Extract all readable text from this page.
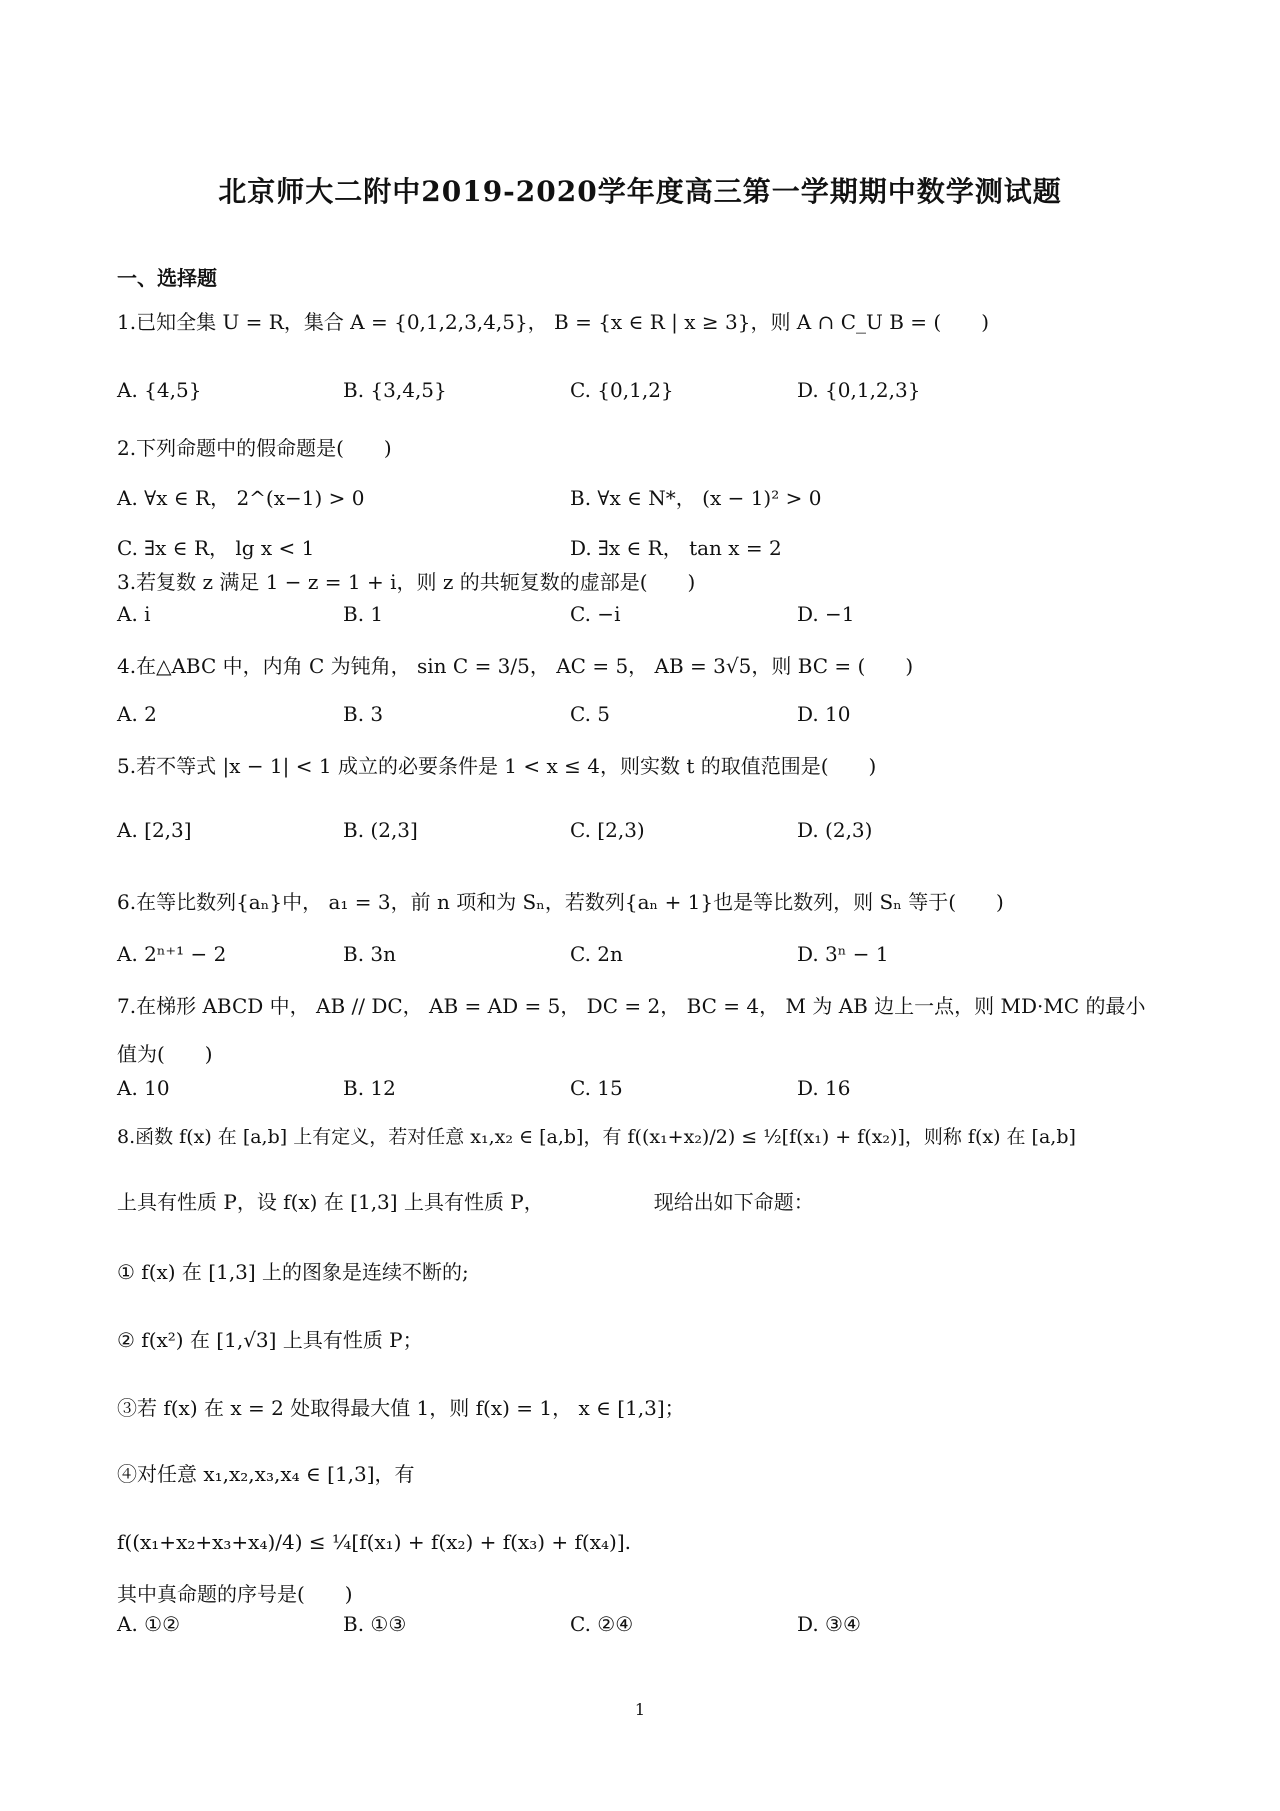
北京师大二附中2019-2020学年度高三第一学期期中数学测试题
一、选择题
1.已知全集 U = R，集合 A = {0,1,2,3,4,5}， B = {x ∈ R | x ≥ 3}，则 A ∩ C_U B = (　　)
A. {4,5}	B. {3,4,5}	C. {0,1,2}	D. {0,1,2,3}
2.下列命题中的假命题是(　　)
A. ∀x ∈ R， 2^(x−1) > 0	B. ∀x ∈ N*， (x − 1)² > 0
C. ∃x ∈ R， lg x < 1	D. ∃x ∈ R， tan x = 2
3.若复数 z 满足 1 − z = 1 + i，则 z 的共轭复数的虚部是(　　)
A. i	B. 1	C. −i	D. −1
4.在△ABC 中，内角 C 为钝角， sin C = 3/5， AC = 5， AB = 3√5，则 BC = (　　)
A. 2	B. 3	C. 5	D. 10
5.若不等式 |x − 1| < 1 成立的必要条件是 1 < x ≤ 4，则实数 t 的取值范围是(　　)
A. [2,3]	B. (2,3]	C. [2,3)	D. (2,3)
6.在等比数列{aₙ}中， a₁ = 3，前 n 项和为 Sₙ，若数列{aₙ + 1}也是等比数列，则 Sₙ 等于(　　)
A. 2ⁿ⁺¹ − 2	B. 3n	C. 2n	D. 3ⁿ − 1
7.在梯形 ABCD 中， AB // DC， AB = AD = 5， DC = 2， BC = 4， M 为 AB 边上一点，则 MD·MC 的最小
值为(　　)
A. 10	B. 12	C. 15	D. 16
8.函数 f(x) 在 [a,b] 上有定义，若对任意 x₁,x₂ ∈ [a,b]，有 f((x₁+x₂)/2) ≤ ½[f(x₁) + f(x₂)]，则称 f(x) 在 [a,b]
上具有性质 P，设 f(x) 在 [1,3] 上具有性质 P，　　　　　　现给出如下命题：
① f(x) 在 [1,3] 上的图象是连续不断的;
② f(x²) 在 [1,√3] 上具有性质 P；
③若 f(x) 在 x = 2 处取得最大值 1，则 f(x) = 1， x ∈ [1,3]；
④对任意 x₁,x₂,x₃,x₄ ∈ [1,3]，有
f((x₁+x₂+x₃+x₄)/4) ≤ ¼[f(x₁) + f(x₂) + f(x₃) + f(x₄)].
其中真命题的序号是(　　)
A. ①②	B. ①③	C. ②④	D. ③④
1
